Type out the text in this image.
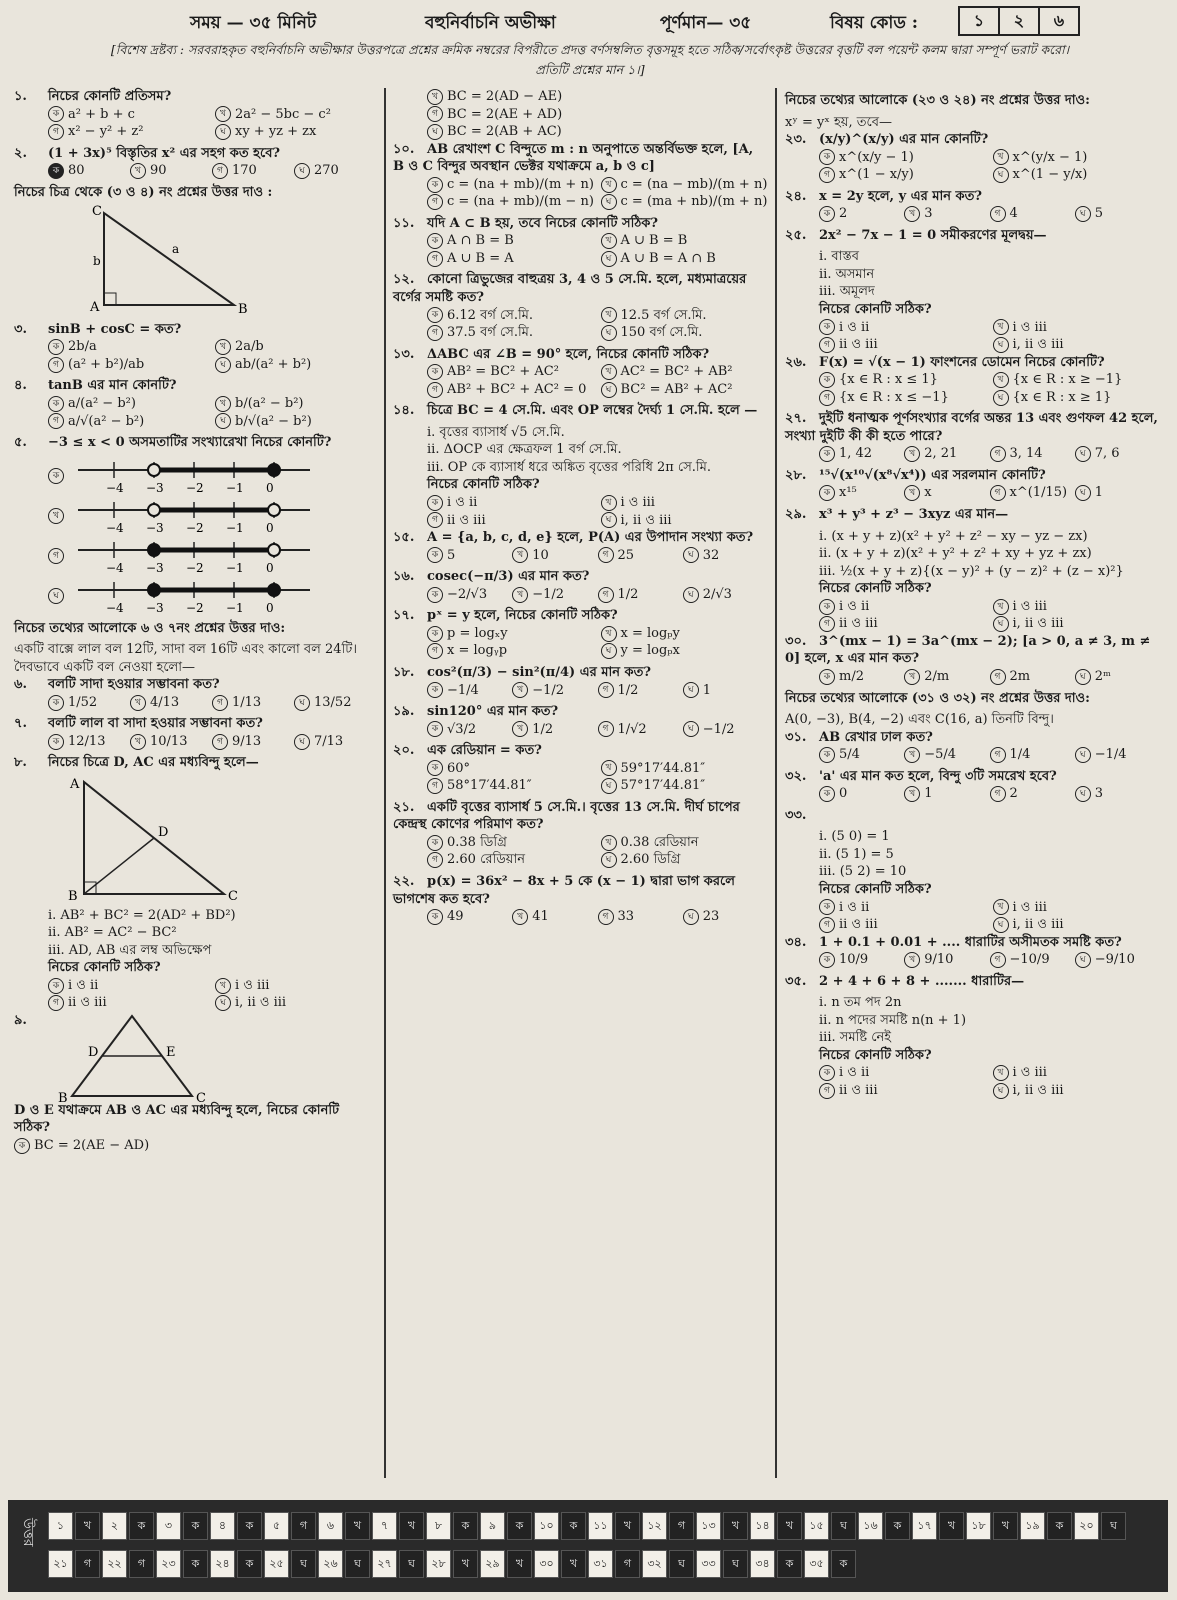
সময় — ৩৫ মিনিট	বহুনির্বাচনি অভীক্ষা	পূর্ণমান— ৩৫	বিষয় কোড :	১	২	৬
[বিশেষ দ্রষ্টব্য : সরবরাহকৃত বহুনির্বাচনি অভীক্ষার উত্তরপত্রে প্রশ্নের ক্রমিক নম্বরের বিপরীতে প্রদত্ত বর্ণসম্বলিত বৃত্তসমূহ হতে সঠিক/সর্বোৎকৃষ্ট উত্তরের বৃত্তটি বল পয়েন্ট কলম দ্বারা সম্পূর্ণ ভরাট করো। প্রতিটি প্রশ্নের মান ১।]
১. নিচের কোনটি প্রতিসম?
ক a² + b + c	খ 2a² − 5bc − c²
গ x² − y² + z²	ঘ xy + yz + zx
২. (1 + 3x)⁵ বিস্তৃতির x² এর সহগ কত হবে?
ক 80	খ 90	গ 170	ঘ 270
নিচের চিত্র থেকে (৩ ও ৪) নং প্রশ্নের উত্তর দাও :
C
A	B
b
a
৩. sinB + cosC = কত?
ক 2b/a	খ 2a/b
গ (a² + b²)/ab	ঘ ab/(a² + b²)
৪. tanB এর মান কোনটি?
ক a/(a² − b²)	খ b/(a² − b²)
গ a/√(a² − b²)	ঘ b/√(a² − b²)
৫. −3 ≤ x < 0 অসমতাটির সংখ্যারেখা নিচের কোনটি?
ক
−4 −3 −2 −1 0
খ
−4 −3 −2 −1 0
গ
−4 −3 −2 −1 0
ঘ
−4 −3 −2 −1 0
নিচের তথ্যের আলোকে ৬ ও ৭নং প্রশ্নের উত্তর দাও:
একটি বাক্সে লাল বল 12টি, সাদা বল 16টি এবং কালো বল 24টি। দৈবভাবে একটি বল নেওয়া হলো—
৬. বলটি সাদা হওয়ার সম্ভাবনা কত?
ক 1/52	খ 4/13	গ 1/13	ঘ 13/52
৭. বলটি লাল বা সাদা হওয়ার সম্ভাবনা কত?
ক 12/13	খ 10/13	গ 9/13	ঘ 7/13
৮. নিচের চিত্রে D, AC এর মধ্যবিন্দু হলে—
A
D
B	C
i. AB² + BC² = 2(AD² + BD²)
ii. AB² = AC² − BC²
iii. AD, AB এর লম্ব অভিক্ষেপ
নিচের কোনটি সঠিক?
ক i ও ii	খ i ও iii
গ ii ও iii	ঘ i, ii ও iii
৯.
D	E
B	C
D ও E যথাক্রমে AB ও AC এর মধ্যবিন্দু হলে, নিচের কোনটি সঠিক?
ক BC = 2(AE − AD)
খ BC = 2(AD − AE)
গ BC = 2(AE + AD)
ঘ BC = 2(AB + AC)
১০. AB রেখাংশ C বিন্দুতে m : n অনুপাতে অন্তর্বিভক্ত হলে, [A, B ও C বিন্দুর অবস্থান ভেক্টর যথাক্রমে a, b ও c]
ক c = (na + mb)/(m + n)	খ c = (na − mb)/(m + n)
গ c = (na + mb)/(m − n)	ঘ c = (ma + nb)/(m + n)
১১. যদি A ⊂ B হয়, তবে নিচের কোনটি সঠিক?
ক A ∩ B = B	খ A ∪ B = B
গ A ∪ B = A	ঘ A ∪ B = A ∩ B
১২. কোনো ত্রিভুজের বাহুত্রয় 3, 4 ও 5 সে.মি. হলে, মধ্যমাত্রয়ের বর্গের সমষ্টি কত?
ক 6.12 বর্গ সে.মি.	খ 12.5 বর্গ সে.মি.
গ 37.5 বর্গ সে.মি.	ঘ 150 বর্গ সে.মি.
১৩. ΔABC এর ∠B = 90° হলে, নিচের কোনটি সঠিক?
ক AB² = BC² + AC²	খ AC² = BC² + AB²
গ AB² + BC² + AC² = 0	ঘ BC² = AB² + AC²
১৪. চিত্রে BC = 4 সে.মি. এবং OP লম্বের দৈর্ঘ্য 1 সে.মি. হলে —
i. বৃত্তের ব্যাসার্ধ √5 সে.মি.
ii. ΔOCP এর ক্ষেত্রফল 1 বর্গ সে.মি.
iii. OP কে ব্যাসার্ধ ধরে অঙ্কিত বৃত্তের পরিধি 2π সে.মি.
নিচের কোনটি সঠিক?
ক i ও ii	খ i ও iii
গ ii ও iii	ঘ i, ii ও iii
১৫. A = {a, b, c, d, e} হলে, P(A) এর উপাদান সংখ্যা কত?
ক 5	খ 10	গ 25	ঘ 32
১৬. cosec(−π/3) এর মান কত?
ক −2/√3	খ −1/2	গ 1/2	ঘ 2/√3
১৭. pˣ = y হলে, নিচের কোনটি সঠিক?
ক p = logₓy	খ x = logₚy
গ x = logᵧp	ঘ y = logₚx
১৮. cos²(π/3) − sin²(π/4) এর মান কত?
ক −1/4	খ −1/2	গ 1/2	ঘ 1
১৯. sin120° এর মান কত?
ক √3/2	খ 1/2	গ 1/√2	ঘ −1/2
২০. এক রেডিয়ান = কত?
ক 60°	খ 59°17′44.81″
গ 58°17′44.81″	ঘ 57°17′44.81″
২১. একটি বৃত্তের ব্যাসার্ধ 5 সে.মি.। বৃত্তের 13 সে.মি. দীর্ঘ চাপের কেন্দ্রস্থ কোণের পরিমাণ কত?
ক 0.38 ডিগ্রি	খ 0.38 রেডিয়ান
গ 2.60 রেডিয়ান	ঘ 2.60 ডিগ্রি
২২. p(x) = 36x² − 8x + 5 কে (x − 1) দ্বারা ভাগ করলে ভাগশেষ কত হবে?
ক 49	খ 41	গ 33	ঘ 23
নিচের তথ্যের আলোকে (২৩ ও ২৪) নং প্রশ্নের উত্তর দাও:
xʸ = yˣ হয়, তবে—
২৩. (x/y)^(x/y) এর মান কোনটি?
ক x^(x/y − 1)	খ x^(y/x − 1)
গ x^(1 − x/y)	ঘ x^(1 − y/x)
২৪. x = 2y হলে, y এর মান কত?
ক 2	খ 3	গ 4	ঘ 5
২৫. 2x² − 7x − 1 = 0 সমীকরণের মূলদ্বয়—
i. বাস্তব
ii. অসমান
iii. অমূলদ
নিচের কোনটি সঠিক?
ক i ও ii	খ i ও iii
গ ii ও iii	ঘ i, ii ও iii
২৬. F(x) = √(x − 1) ফাংশনের ডোমেন নিচের কোনটি?
ক {x ∈ R : x ≤ 1}	খ {x ∈ R : x ≥ −1}
গ {x ∈ R : x ≤ −1}	ঘ {x ∈ R : x ≥ 1}
২৭. দুইটি ধনাত্মক পূর্ণসংখ্যার বর্গের অন্তর 13 এবং গুণফল 42 হলে, সংখ্যা দুইটি কী কী হতে পারে?
ক 1, 42	খ 2, 21	গ 3, 14	ঘ 7, 6
২৮. ¹⁵√(x¹⁰√(x⁸√x⁴)) এর সরলমান কোনটি?
ক x¹⁵	খ x	গ x^(1/15)	ঘ 1
২৯. x³ + y³ + z³ − 3xyz এর মান—
i. (x + y + z)(x² + y² + z² − xy − yz − zx)
ii. (x + y + z)(x² + y² + z² + xy + yz + zx)
iii. ½(x + y + z){(x − y)² + (y − z)² + (z − x)²}
নিচের কোনটি সঠিক?
ক i ও ii	খ i ও iii
গ ii ও iii	ঘ i, ii ও iii
৩০. 3^(mx − 1) = 3a^(mx − 2); [a > 0, a ≠ 3, m ≠ 0] হলে, x এর মান কত?
ক m/2	খ 2/m	গ 2m	ঘ 2ᵐ
নিচের তথ্যের আলোকে (৩১ ও ৩২) নং প্রশ্নের উত্তর দাও:
A(0, −3), B(4, −2) এবং C(16, a) তিনটি বিন্দু।
৩১. AB রেখার ঢাল কত?
ক 5/4	খ −5/4	গ 1/4	ঘ −1/4
৩২. 'a' এর মান কত হলে, বিন্দু ৩টি সমরেখ হবে?
ক 0	খ 1	গ 2	ঘ 3
৩৩.
i. (5 0) = 1
ii. (5 1) = 5
iii. (5 2) = 10
নিচের কোনটি সঠিক?
ক i ও ii	খ i ও iii
গ ii ও iii	ঘ i, ii ও iii
৩৪. 1 + 0.1 + 0.01 + .... ধারাটির অসীমতক সমষ্টি কত?
ক 10/9	খ 9/10	গ −10/9	ঘ −9/10
৩৫. 2 + 4 + 6 + 8 + ....... ধারাটির—
i. n তম পদ 2n
ii. n পদের সমষ্টি n(n + 1)
iii. সমষ্টি নেই
নিচের কোনটি সঠিক?
ক i ও ii	খ i ও iii
গ ii ও iii	ঘ i, ii ও iii
উত্তর	১	খ	২	ক	৩	ক	৪	ক	৫	গ	৬	খ	৭	খ	৮	ক	৯	ক	১০	ক	১১	খ	১২	গ	১৩	খ	১৪	খ	১৫	ঘ	১৬	ক	১৭	খ	১৮	খ	১৯	ক	২০	ঘ
২১	গ	২২	গ	২৩	ক	২৪	ক	২৫	ঘ	২৬	ঘ	২৭	ঘ	২৮	খ	২৯	খ	৩০	খ	৩১	গ	৩২	ঘ	৩৩	ঘ	৩৪	ক	৩৫	ক
